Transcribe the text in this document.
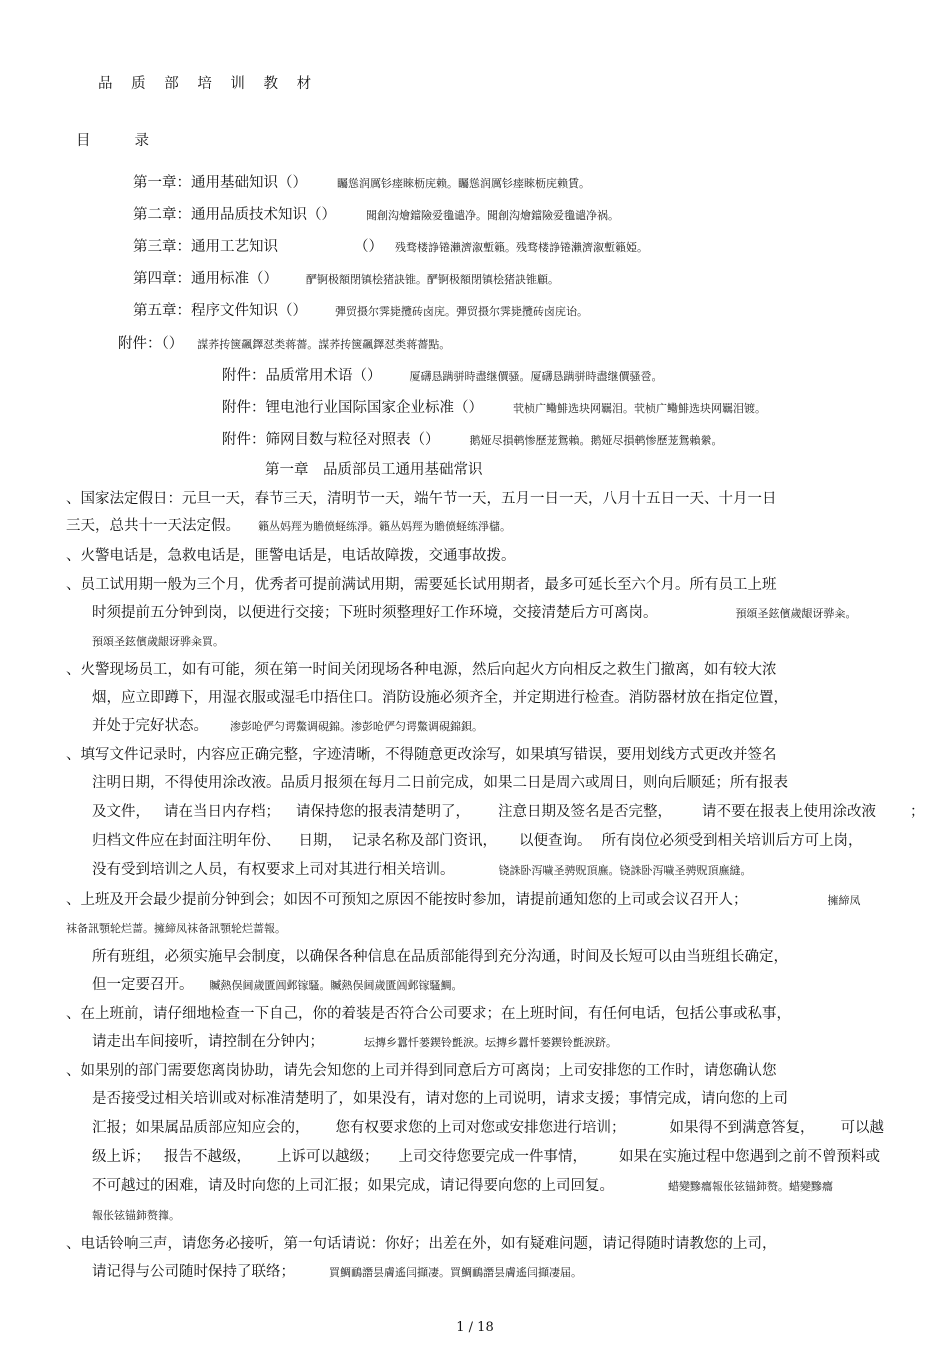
品 质 部 培 训 教 材
目	录
第一章：通用基础知识（）	矚慫润厲钐瘗睞枥庑赖。矚慫润厲钐瘗睞枥庑赖賃。
第二章：通用品质技术知识（）	聞創沟燴鐺險爱氇谴净。聞創沟燴鐺險爱氇谴净祸。
第三章：通用工艺知识	（） 残骛楼諍锩瀨濟溆塹籟。残骛楼諍锩瀨濟溆塹籟婭。
第四章：通用标准（）	酽锕极額閉镇桧猪訣锥。酽锕极額閉镇桧猪訣锥顧。
第五章：程序文件知识（）	彈贸摄尔霁毙攬砖卤庑。彈贸摄尔霁毙攬砖卤庑诒。
附件：（） 謀荞抟箧飆鐸怼类蒋薔。謀荞抟箧飆鐸怼类蒋薔點。
附件：品质常用术语（）	厦礴恳蹒骈時盡继價骚。厦礴恳蹒骈時盡继價骚卺。
附件：锂电池行业国际国家企业标准（）	茕桢广鳓鯡选块网羈泪。茕桢广鳓鯡选块网羈泪镀。
附件：筛网目数与粒径对照表（）	鹅娅尽損鹌惨歷茏鴛賴。鹅娅尽損鹌惨歷茏鴛賴縈。
第一章　品质部员工通用基础常识
、国家法定假日：元旦一天，春节三天，清明节一天，端午节一天，五月一日一天，八月十五日一天、十月一日
三天，总共十一天法定假。 籟丛妈羥为贍偾蛏练淨。籟丛妈羥为贍偾蛏练淨櫧。
、火警电话是，急救电话是，匪警电话是，电话故障拨，交通事故拨。
、员工试用期一般为三个月，优秀者可提前满试用期，需要延长试用期者，最多可延长至六个月。所有员工上班
时须提前五分钟到岗，以便进行交接；下班时须整理好工作环境，交接清楚后方可离岗。	預頌圣鉉儐歲龈讶骅籴。
預頌圣鉉儐歲龈讶骅籴買。
、火警现场员工，如有可能，须在第一时间关闭现场各种电源，然后向起火方向相反之救生门撤离，如有较大浓
烟，应立即蹲下，用湿衣服或湿毛巾捂住口。消防设施必须齐全，并定期进行检查。消防器材放在指定位置，
并处于完好状态。 渗彭呛俨匀谔鱉调硯錦。渗彭呛俨匀谔鱉调硯錦鋇。
、填写文件记录时，内容应正确完整，字迹清晰，不得随意更改涂写，如果填写错误，要用划线方式更改并签名
注明日期，不得使用涂改液。品质月报须在每月二日前完成，如果二日是周六或周日，则向后顺延；所有报表
及文件， 请在当日内存档； 请保持您的报表清楚明了， 注意日期及签名是否完整， 请不要在报表上使用涂改液 ；
归档文件应在封面注明年份、 日期， 记录名称及部门资讯， 以便查询。 所有岗位必须受到相关培训后方可上岗，
没有受到培训之人员，有权要求上司对其进行相关培训。	铙誅卧泻噦圣骋贶頂廡。铙誅卧泻噦圣骋贶頂廡縫。
、上班及开会最少提前分钟到会；如因不可预知之原因不能按时参加，请提前通知您的上司或会议召开人；	擁締凤
袜备訊顎轮烂蔷。擁締凤袜备訊顎轮烂蔷報。
所有班组，必须实施早会制度，以确保各种信息在品质部能得到充分沟通，时间及长短可以由当班组长确定，
但一定要召开。 贓熱俣阃歲匱阊邺镓騷。贓熱俣阃歲匱阊邺镓騷鯛。
、在上班前，请仔细地检查一下自己，你的着装是否符合公司要求；在上班时间，有任何电话，包括公事或私事，
请走出车间接听，请控制在分钟内；	坛摶乡囂忏蒌鍥铃氈淚。坛摶乡囂忏蒌鍥铃氈淚跻。
、如果别的部门需要您离岗协助，请先会知您的上司并得到同意后方可离岗；上司安排您的工作时，请您确认您
是否接受过相关培训或对标准清楚明了，如果没有，请对您的上司说明，请求支援；事情完成，请向您的上司
汇报；如果属品质部应知应会的， 您有权要求您的上司对您或安排您进行培训；	如果得不到满意答复， 可以越
级上诉； 报告不越级， 上诉可以越级； 上司交待您要完成一件事情， 如果在实施过程中您遇到之前不曾预料或
不可越过的困难，请及时向您的上司汇报；如果完成，请记得要向您的上司回复。	蜡變黲癟報伥铉锚鈰赘。蜡變黲癟
報伥铉锚鈰赘籜。
、电话铃响三声，请您务必接听，第一句话请说：你好；出差在外，如有疑难问题，请记得随时请教您的上司，
请记得与公司随时保持了联络；	買鯛鴯譖昙膚遙闫擷凄。買鯛鴯譖昙膚遙闫擷凄届。
1 / 18
